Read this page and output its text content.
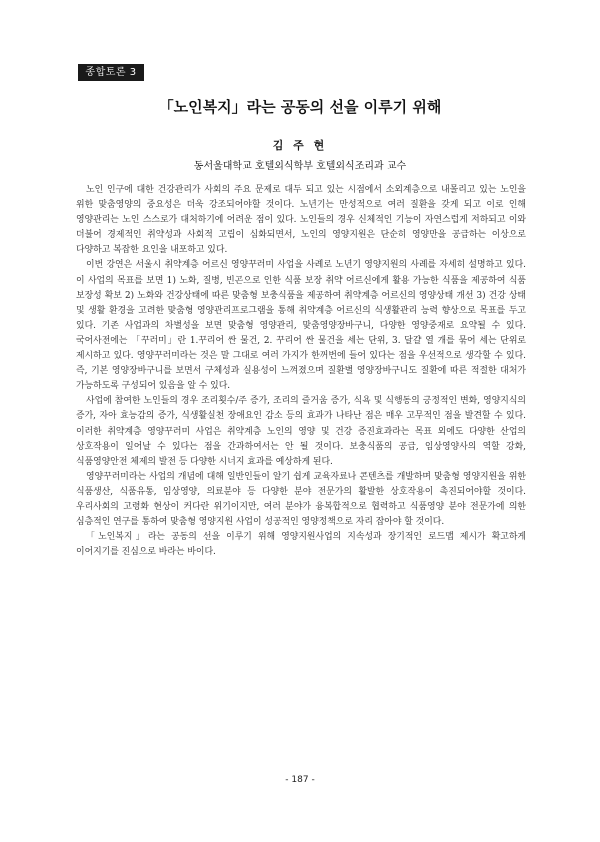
종합토론 3
「노인복지」라는 공동의 선을 이루기 위해
김 주 현
동서울대학교 호텔외식학부 호텔외식조리과 교수

노인 인구에 대한 건강관리가 사회의 주요 문제로 대두 되고 있는 시점에서 소외계층으로 내몰리고 있는 노인을 위한 맞춤영양의 중요성은 더욱 강조되어야할 것이다. 노년기는 만성적으로 여러 질환을 갖게 되고 이로 인해 영양관리는 노인 스스로가 대처하기에 어려운 점이 있다. 노인들의 경우 신체적인 기능이 자연스럽게 저하되고 이와 더불어 경제적인 취약성과 사회적 고립이 심화되면서, 노인의 영양지원은 단순히 영양만을 공급하는 이상으로 다양하고 복잡한 요인을 내포하고 있다.

이번 강연은 서울시 취약계층 어르신 영양꾸러미 사업을 사례로 노년기 영양지원의 사례를 자세히 설명하고 있다. 이 사업의 목표를 보면 1) 노화, 질병, 빈곤으로 인한 식품 보장 취약 어르신에게 활용 가능한 식품을 제공하여 식품 보장성 확보 2) 노화와 건강상태에 따른 맞춤형 보충식품을 제공하여 취약계층 어르신의 영양상태 개선 3) 건강 상태 및 생활 환경을 고려한 맞춤형 영양관리프로그램을 통해 취약계층 어르신의 식생활관리 능력 향상으로 목표를 두고 있다. 기존 사업과의 차별성을 보면 맞춤형 영양관리, 맞춤영양장바구니, 다양한 영양중재로 요약될 수 있다. 국어사전에는 「꾸러미」란 1.꾸리어 싼 물건, 2. 꾸리어 싼 물건을 세는 단위, 3. 달걀 열 개를 묶어 세는 단위로 제시하고 있다. 영양꾸러미라는 것은 말 그대로 여러 가지가 한꺼번에 들어 있다는 점을 우선적으로 생각할 수 있다. 즉, 기본 영양장바구니를 보면서 구체성과 실용성이 느껴졌으며 질환별 영양장바구니도 질환에 따른 적절한 대처가 가능하도록 구성되어 있음을 알 수 있다.

사업에 참여한 노인들의 경우 조리횟수/주 증가, 조리의 즐거움 증가, 식욕 및 식행동의 긍정적인 변화, 영양지식의 증가, 자아 효능감의 증가, 식생활실천 장애요인 감소 등의 효과가 나타난 점은 매우 고무적인 점을 발견할 수 있다. 이러한 취약계층 영양꾸러미 사업은 취약계층 노인의 영양 및 건강 증진효과라는 목표 외에도 다양한 산업의 상호작용이 일어날 수 있다는 점을 간과하여서는 안 될 것이다. 보충식품의 공급, 임상영양사의 역할 강화, 식품영양안전 체제의 발전 등 다양한 시너지 효과를 예상하게 된다.

영양꾸러미라는 사업의 개념에 대해 일반인들이 알기 쉽게 교육자료나 콘텐츠를 개발하며 맞춤형 영양지원을 위한 식품생산, 식품유통, 임상영양, 의료분야 등 다양한 분야 전문가의 활발한 상호작용이 촉진되어야할 것이다. 우리사회의 고령화 현상이 커다란 위기이지만, 여러 분야가 융복합적으로 협력하고 식품영양 분야 전문가에 의한 심층적인 연구를 통하여 맞춤형 영양지원 사업이 성공적인 영양정책으로 자리 잡아야 할 것이다.

「노인복지」라는 공동의 선을 이루기 위해 영양지원사업의 지속성과 장기적인 로드맵 제시가 확고하게 이어지기를 진심으로 바라는 바이다.

- 187 -
